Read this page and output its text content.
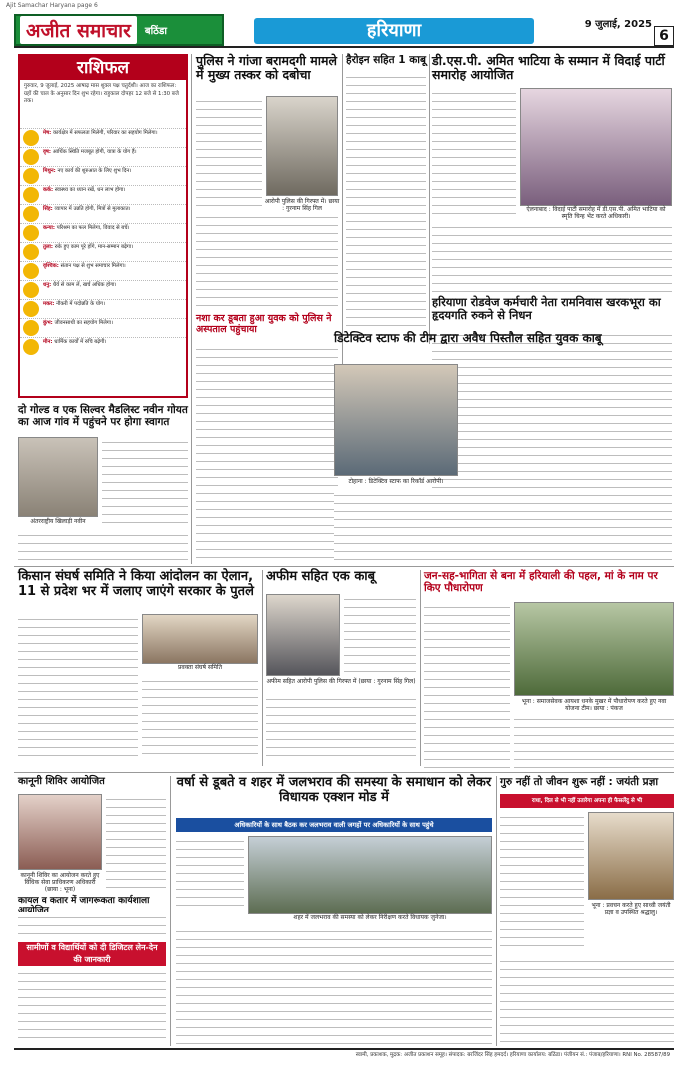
Ajit Samachar Haryana page 6
अजीत समाचार	बठिंडा	हरियाणा	9 जुलाई, 2025
6
राशिफल
गुरुवार, 9 जुलाई, 2025 आषाढ़ मास शुक्ल पक्ष चतुर्दशी। आज का राशिफल: ग्रहों की चाल के अनुसार दिन शुभ रहेगा। राहुकाल दोपहर 12 बजे से 1:30 बजे तक।
मेष: कार्यक्षेत्र में सफलता मिलेगी, परिवार का सहयोग मिलेगा।
वृष: आर्थिक स्थिति मजबूत होगी, यात्रा के योग हैं।
मिथुन: नए कार्य की शुरुआत के लिए शुभ दिन।
कर्क: स्वास्थ्य का ध्यान रखें, धन लाभ होगा।
सिंह: व्यापार में उन्नति होगी, मित्रों से मुलाकात।
कन्या: परिश्रम का फल मिलेगा, विवाद से बचें।
तुला: रुके हुए काम पूरे होंगे, मान-सम्मान बढ़ेगा।
वृश्चिक: संतान पक्ष से शुभ समाचार मिलेगा।
धनु: धैर्य से काम लें, खर्च अधिक होगा।
मकर: नौकरी में पदोन्नति के योग।
कुंभ: जीवनसाथी का सहयोग मिलेगा।
मीन: धार्मिक कार्यों में रुचि बढ़ेगी।
दो गोल्ड व एक सिल्वर मैडलिस्ट नवीन गोयत का आज गांव में पहुंचने पर होगा स्वागत
अंतरराष्ट्रीय खिलाड़ी नवीन
पुलिस ने गांजा बरामदगी मामले में मुख्य तस्कर को दबोचा
आरोपी पुलिस की गिरफ्त में। छाया : गुरनाम सिंह गिल
नशा कर डूबता हुआ युवक को पुलिस ने अस्पताल पहुंचाया
हैरोइन सहित 1 काबू डी.एस.पी. अमित भाटिया के सम्मान में विदाई पार्टी समारोह आयोजित
ऐलनाबाद : विदाई पार्टी समारोह में डी.एस.पी. अमित भाटिया को स्मृति चिन्ह भेंट करते अधिकारी।
हरियाणा रोडवेज कर्मचारी नेता रामनिवास खरकभूरा का हृदयगति रुकने से निधन
डिटेक्टिव स्टाफ की टीम द्वारा अवैध पिस्तौल सहित युवक काबू
टोहाना : डिटेक्टिव स्टाफ का रिकॉर्ड आरोपी।
किसान संघर्ष समिति ने किया आंदोलन का ऐलान, 11 से प्रदेश भर में जलाए जाएंगे सरकार के पुतले
प्रवक्ता संघर्ष समिति
अफीम सहित एक काबू
अफीम सहित आरोपी पुलिस की गिरफ्त में (छाया : गुरनाम सिंह गिल)
जन-सह-भागिता से बना में हरियाली की पहल, मां के नाम पर किए पौधारोपण
भूना : समाजसेवक आयशा धनके मुखर में पौधारोपण करते हुए नवा योजना टीम। छाया : पंकज
कानूनी शिविर आयोजित
कानूनी शिविर का आयोजन करते हुए विधिक सेवा प्राधिकरण अधिकारी (छाया : भूना)
कायल व कतार में जागरूकता कार्यशाला
सामीणों व विद्यार्थियों को दी डिजिटल लेन-देन की जानकारी
वर्षा से डूबते व शहर में जलभराव की समस्या के समाधान को लेकर विधायक एक्शन मोड में
अधिकारियों के साथ बैठक कर जलभराव वाली जगहों पर अधिकारियों के साथ पहुंचे
शहर में जलभराव की समस्या को लेकर निरीक्षण करते विधायक जुनेजा।
गुरु नहीं तो जीवन शुरू नहीं : जयंती प्रज्ञा
राधा, दिल से भी नहीं उतारेगा अपना ही फैसलेंदु से भी
भूना : प्रवचन करते हुए साध्वी जयंती प्रज्ञा व उपस्थित श्रद्धालु।
स्वामी, प्रकाशक, मुद्रक: अजीत प्रकाशन समूह। संपादक: बरजिंदर सिंह हमदर्द। हरियाणा कार्यालय: बठिंडा। पंजीयन सं.: पंजाब/हरियाणा। RNI No. 28587/89
